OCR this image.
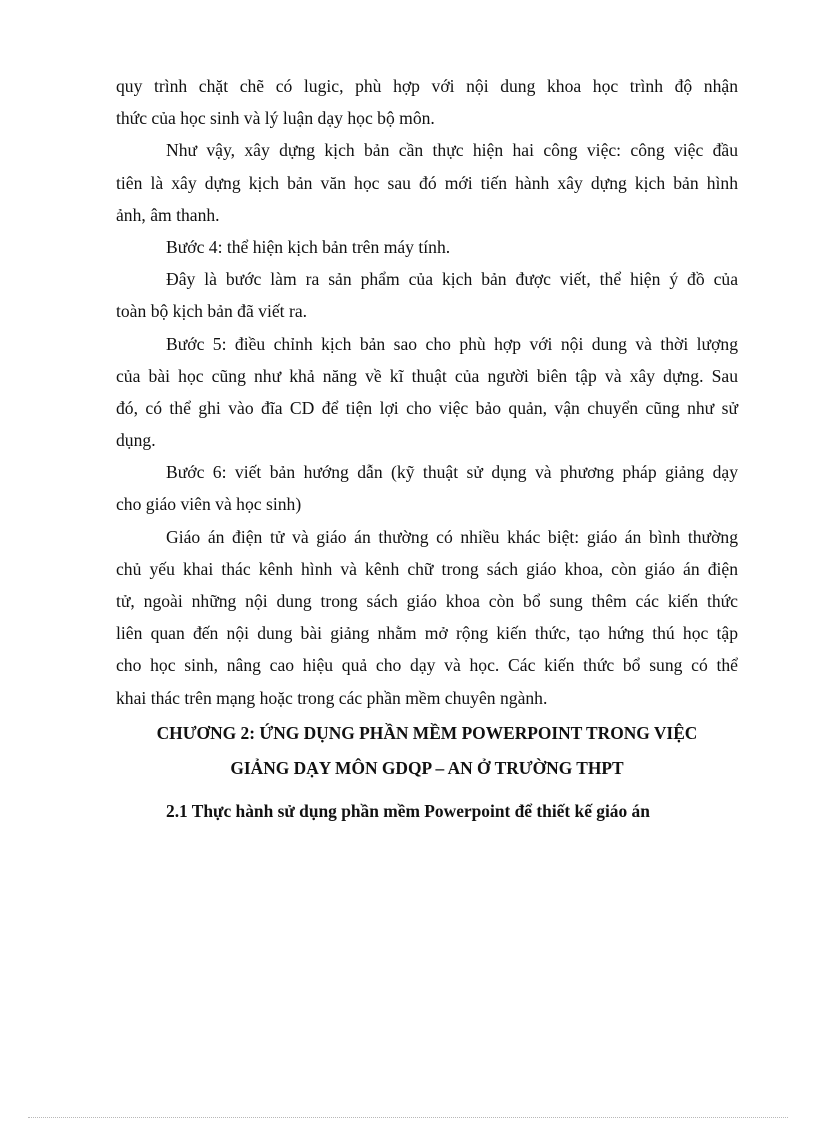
quy trình chặt chẽ có lugic, phù hợp với nội dung khoa học trình độ nhận
thức của học sinh và lý luận dạy học bộ môn.
Như vậy, xây dựng kịch bản cần thực hiện hai công việc: công việc đầu
tiên là xây dựng kịch bản văn học sau đó mới tiến hành xây dựng kịch bản hình
ảnh, âm thanh.
Bước 4: thể hiện kịch bản trên máy tính.
Đây là bước làm ra sản phẩm của kịch bản được viết, thể hiện ý đồ của
toàn bộ kịch bản đã viết ra.
Bước 5: điều chỉnh kịch bản sao cho phù hợp với nội dung và thời lượng
của bài học cũng như khả năng về kĩ thuật của người biên tập và xây dựng. Sau
đó, có thể ghi vào đĩa CD để tiện lợi cho việc bảo quản, vận chuyển cũng như sử
dụng.
Bước 6: viết bản hướng dẫn (kỹ thuật sử dụng và phương pháp giảng dạy
cho giáo viên và học sinh)
Giáo án điện tử và giáo án thường có nhiều khác biệt: giáo án bình thường
chủ yếu khai thác kênh hình và kênh chữ trong sách giáo khoa, còn giáo án điện
tử, ngoài những nội dung trong sách giáo khoa còn bổ sung thêm các kiến thức
liên quan đến nội dung bài giảng nhằm mở rộng kiến thức, tạo hứng thú học tập
cho học sinh, nâng cao hiệu quả cho dạy và học. Các kiến thức bổ sung có thể
khai thác trên mạng hoặc trong các phần mềm chuyên ngành.
CHƯƠNG 2: ỨNG DỤNG PHẦN MỀM POWERPOINT TRONG VIỆC
GIẢNG DẠY MÔN GDQP – AN Ở TRƯỜNG THPT
2.1 Thực hành sử dụng phần mềm Powerpoint để thiết kế giáo án
